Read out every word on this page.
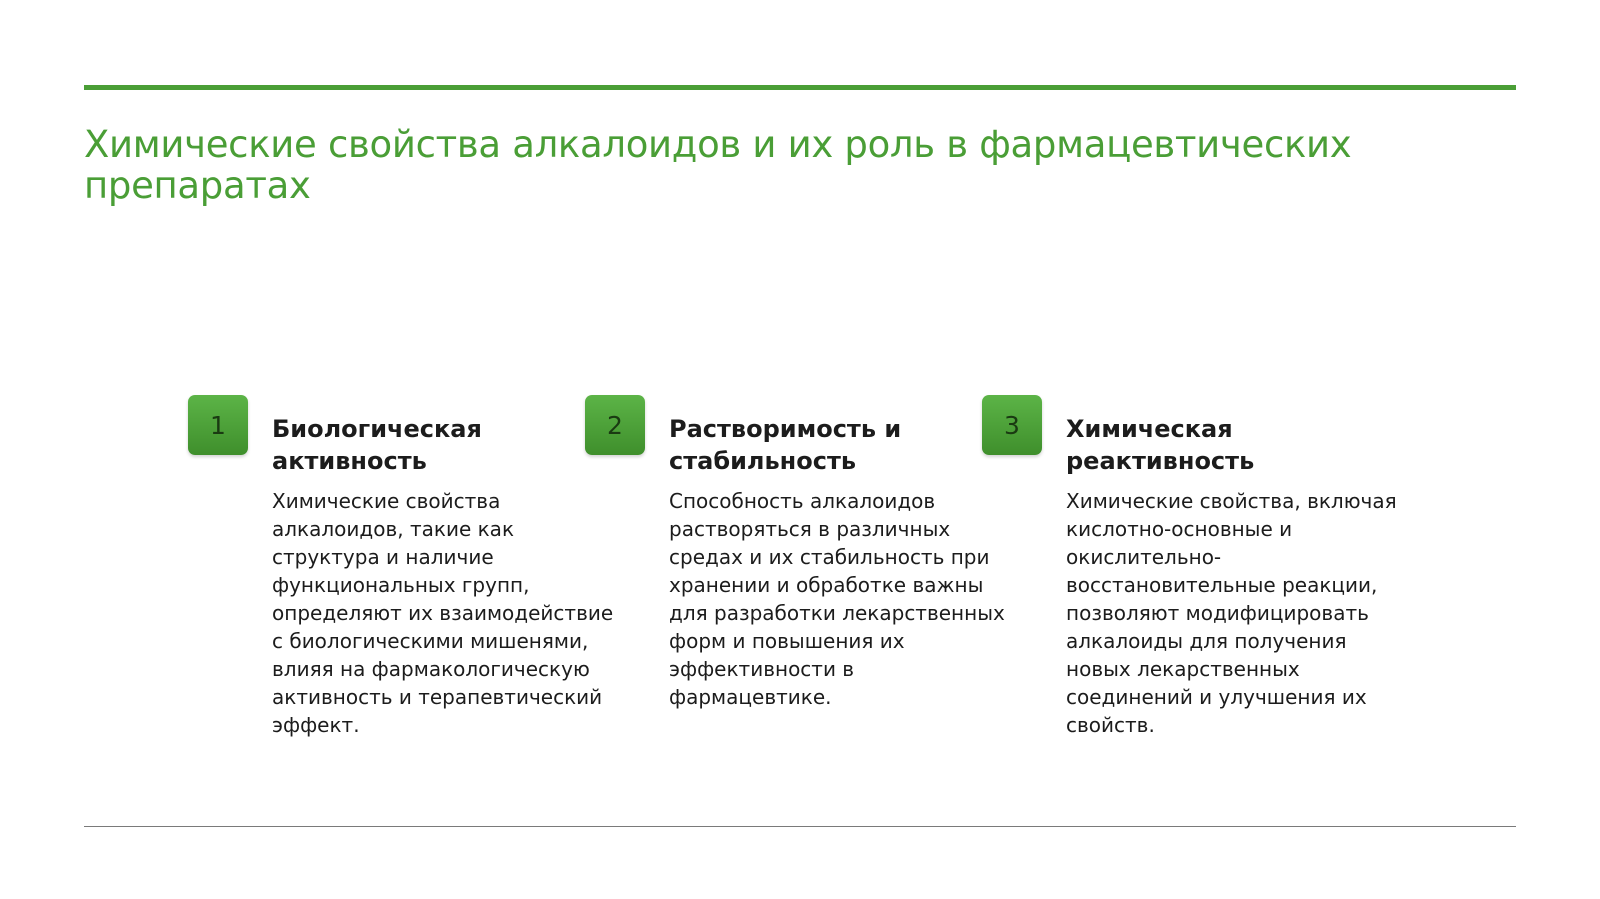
Химические свойства алкалоидов и их роль в фармацевтических препаратах
1	Биологическая активность

Химические свойства алкалоидов, такие как структура и наличие функциональных групп, определяют их взаимодействие с биологическими мишенями, влияя на фармакологическую активность и терапевтический эффект.

2	Растворимость и стабильность

Способность алкалоидов растворяться в различных средах и их стабильность при хранении и обработке важны для разработки лекарственных форм и повышения их эффективности в фармацевтике.

3	Химическая реактивность

Химические свойства, включая кислотно-основные и окислительно-восстановительные реакции, позволяют модифицировать алкалоиды для получения новых лекарственных соединений и улучшения их свойств.
